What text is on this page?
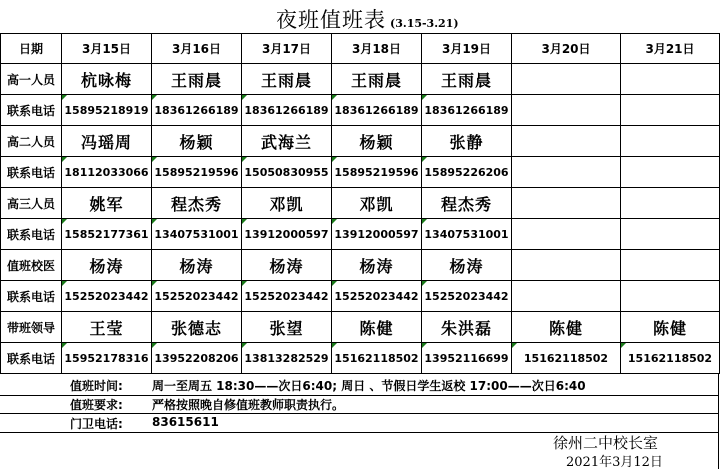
夜班值班表 (3.15-3.21)
日期	3月15日	3月16日	3月17日	3月18日	3月19日	3月20日	3月21日
高一人员	杭咏梅	王雨晨	王雨晨	王雨晨	王雨晨		
联系电话	15895218919	18361266189	18361266189	18361266189	18361266189		
高二人员	冯瑶周	杨颖	武海兰	杨颖	张静		
联系电话	18112033066	15895219596	15050830955	15895219596	15895226206		
高三人员	姚军	程杰秀	邓凯	邓凯	程杰秀		
联系电话	15852177361	13407531001	13912000597	13912000597	13407531001		
值班校医	杨涛	杨涛	杨涛	杨涛	杨涛		
联系电话	15252023442	15252023442	15252023442	15252023442	15252023442		
带班领导	王莹	张德志	张望	陈健	朱洪磊	陈健	陈健
联系电话	15952178316	13952208206	13813282529	15162118502	13952116699	15162118502	15162118502
值班时间: 周一至周五 18:30——次日6:40; 周日 、节假日学生返校 17:00——次日6:40
值班要求: 严格按照晚自修值班教师职责执行。
门卫电话: 83615611
徐州二中校长室
2021年3月12日
